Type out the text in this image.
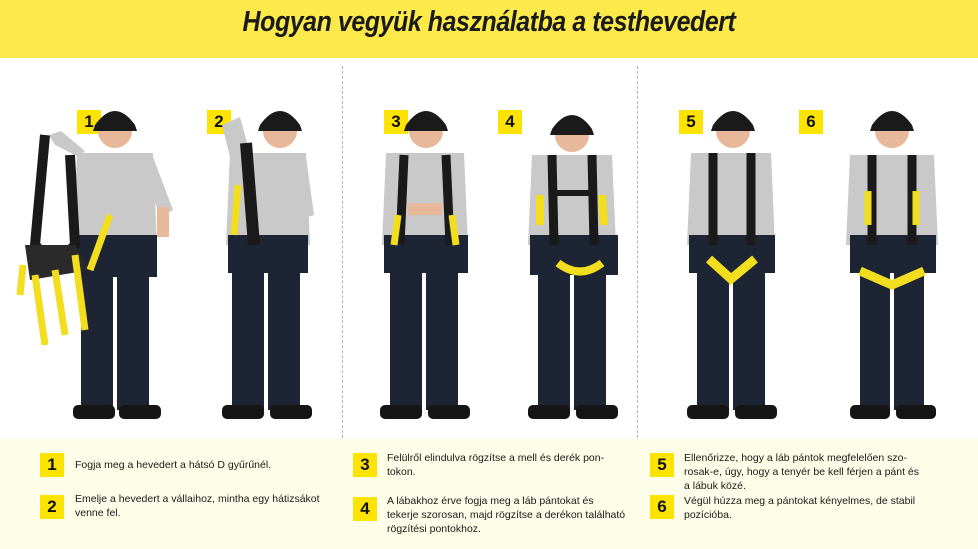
Hogyan vegyük használatba a testhevedert
1	2	3	4	5	6
1	Fogja meg a hevedert a hátsó D gyűrűnél.
2	Emelje a hevedert a vállaihoz, mintha egy hátizsákot
venne fel.
3	Felülről elindulva rögzítse a mell és derék pon-
tokon.
4	A lábakhoz érve fogja meg a láb pántokat és
tekerje szorosan, majd rögzítse a derékon található
rögzítési pontokhoz.
5	Ellenőrizze, hogy a láb pántok megfelelően szo-
rosak-e, úgy, hogy a tenyér be kell férjen a pánt és
a lábuk közé.
6	Végül húzza meg a pántokat kényelmes, de stabil
pozícióba.
